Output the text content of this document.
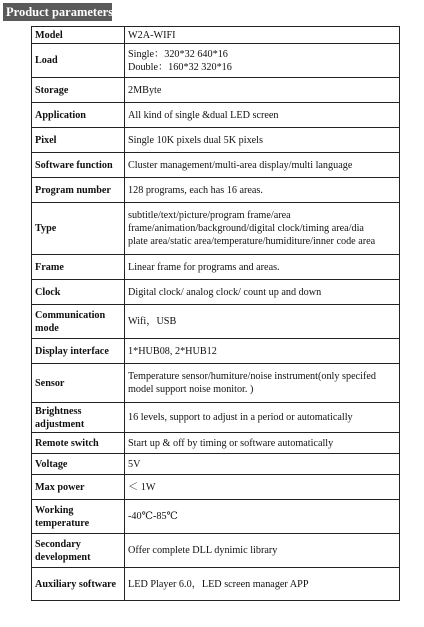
Product parameters
Model	W2A-WIFI

Load	Single：320*32 640*16
Double：160*32 320*16

Storage	2MByte

Application	All kind of single &dual LED screen

Pixel	Single 10K pixels dual 5K pixels

Software function	Cluster management/multi-area display/multi language

Program number	128 programs, each has 16 areas.

Type	subtitle/text/picture/program frame/area
frame/animation/background/digital clock/timing area/dia
plate area/static area/temperature/humiditure/inner code area

Frame	Linear frame for programs and areas.

Clock	Digital clock/ analog clock/ count up and down

Communication mode	Wifi，USB

Display interface	1*HUB08, 2*HUB12

Sensor	Temperature sensor/humiture/noise instrument(only specifed
model support noise monitor. )

Brightness adjustment	16 levels, support to adjust in a period or automatically

Remote switch	Start up & off by timing or software automatically

Voltage	5V

Max power	＜ 1W

Working temperature	-40℃-85℃

Secondary development	Offer complete DLL dynimic library

Auxiliary software	LED Player 6.0，LED screen manager APP
